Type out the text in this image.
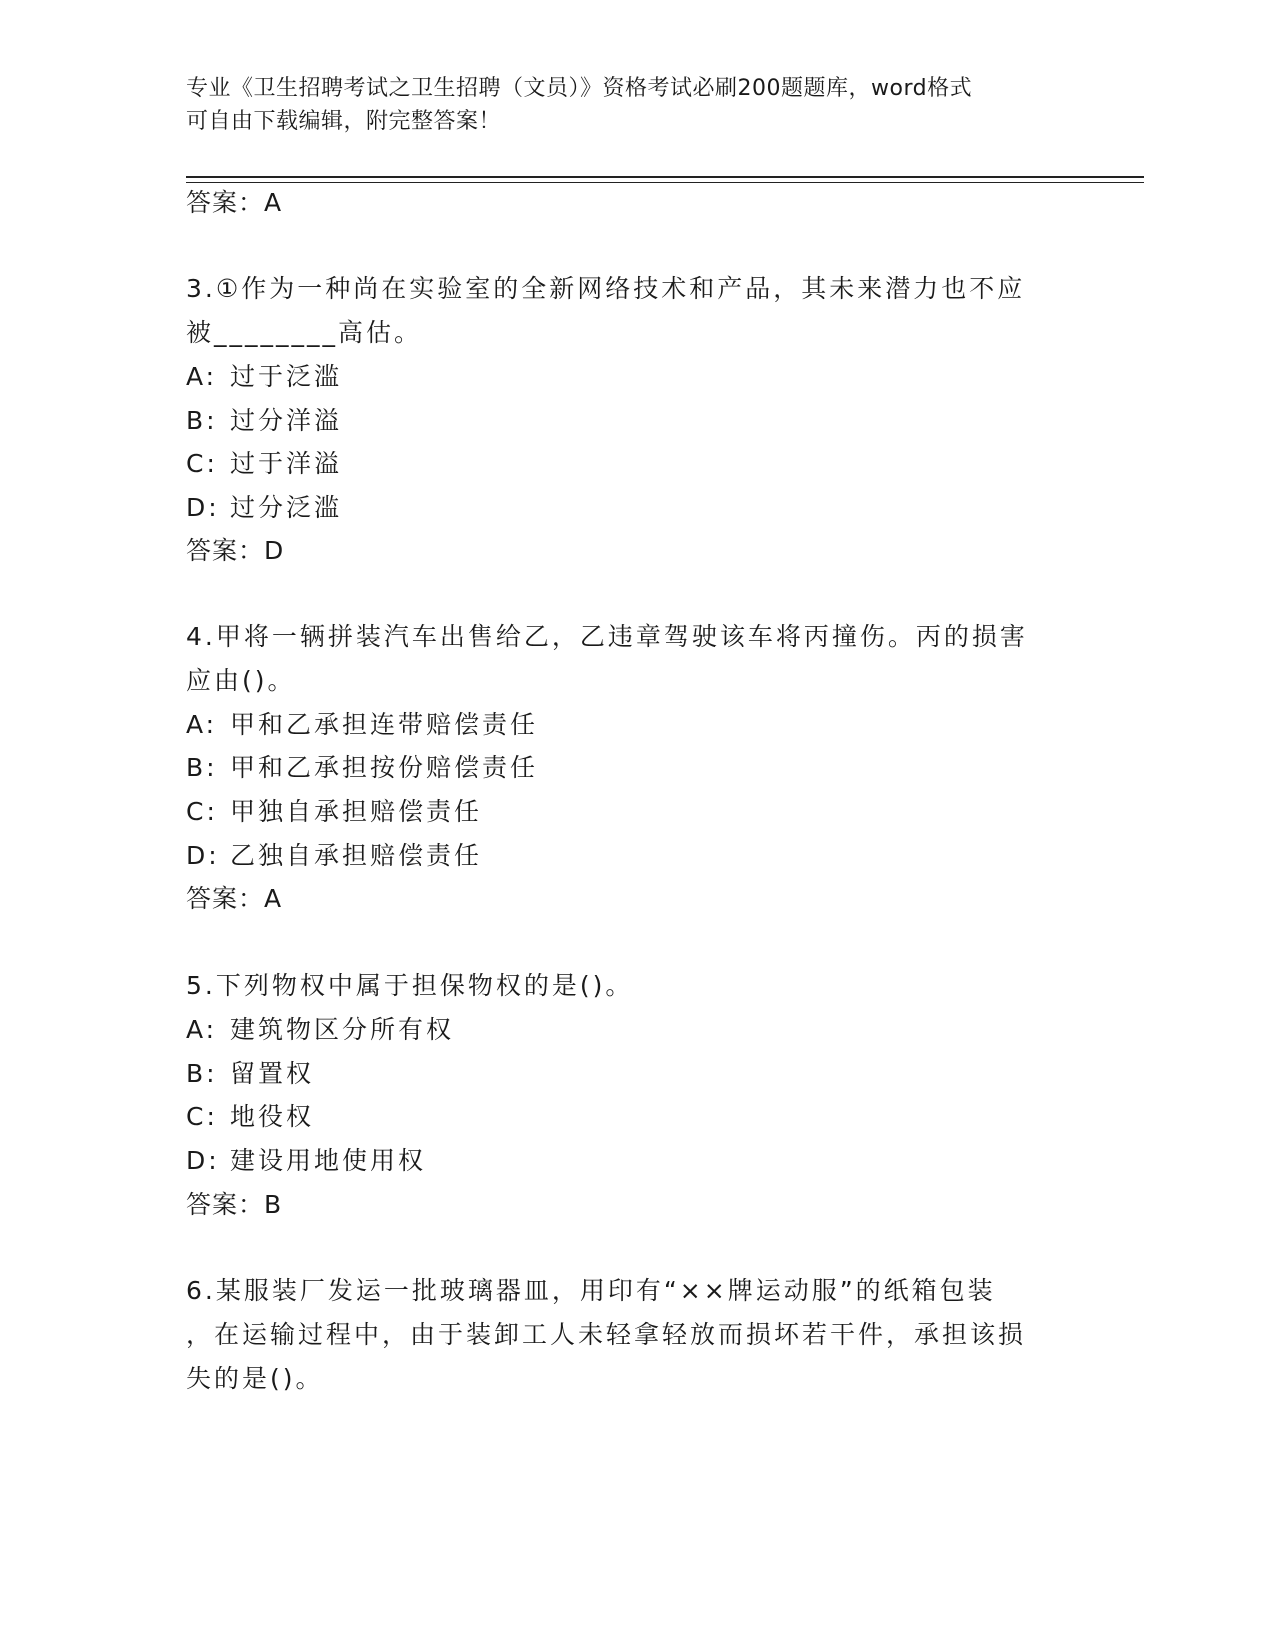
专业《卫生招聘考试之卫生招聘（文员）》资格考试必刷200题题库，word格式
可自由下载编辑，附完整答案！
答案：A
3.①作为一种尚在实验室的全新网络技术和产品，其未来潜力也不应
被________高估。
A: 过于泛滥
B: 过分洋溢
C: 过于洋溢
D: 过分泛滥
答案：D
4.甲将一辆拼装汽车出售给乙，乙违章驾驶该车将丙撞伤。丙的损害
应由()。
A: 甲和乙承担连带赔偿责任
B: 甲和乙承担按份赔偿责任
C: 甲独自承担赔偿责任
D: 乙独自承担赔偿责任
答案：A
5.下列物权中属于担保物权的是()。
A: 建筑物区分所有权
B: 留置权
C: 地役权
D: 建设用地使用权
答案：B
6.某服装厂发运一批玻璃器皿，用印有“××牌运动服”的纸箱包装
，在运输过程中，由于装卸工人未轻拿轻放而损坏若干件，承担该损
失的是()。
